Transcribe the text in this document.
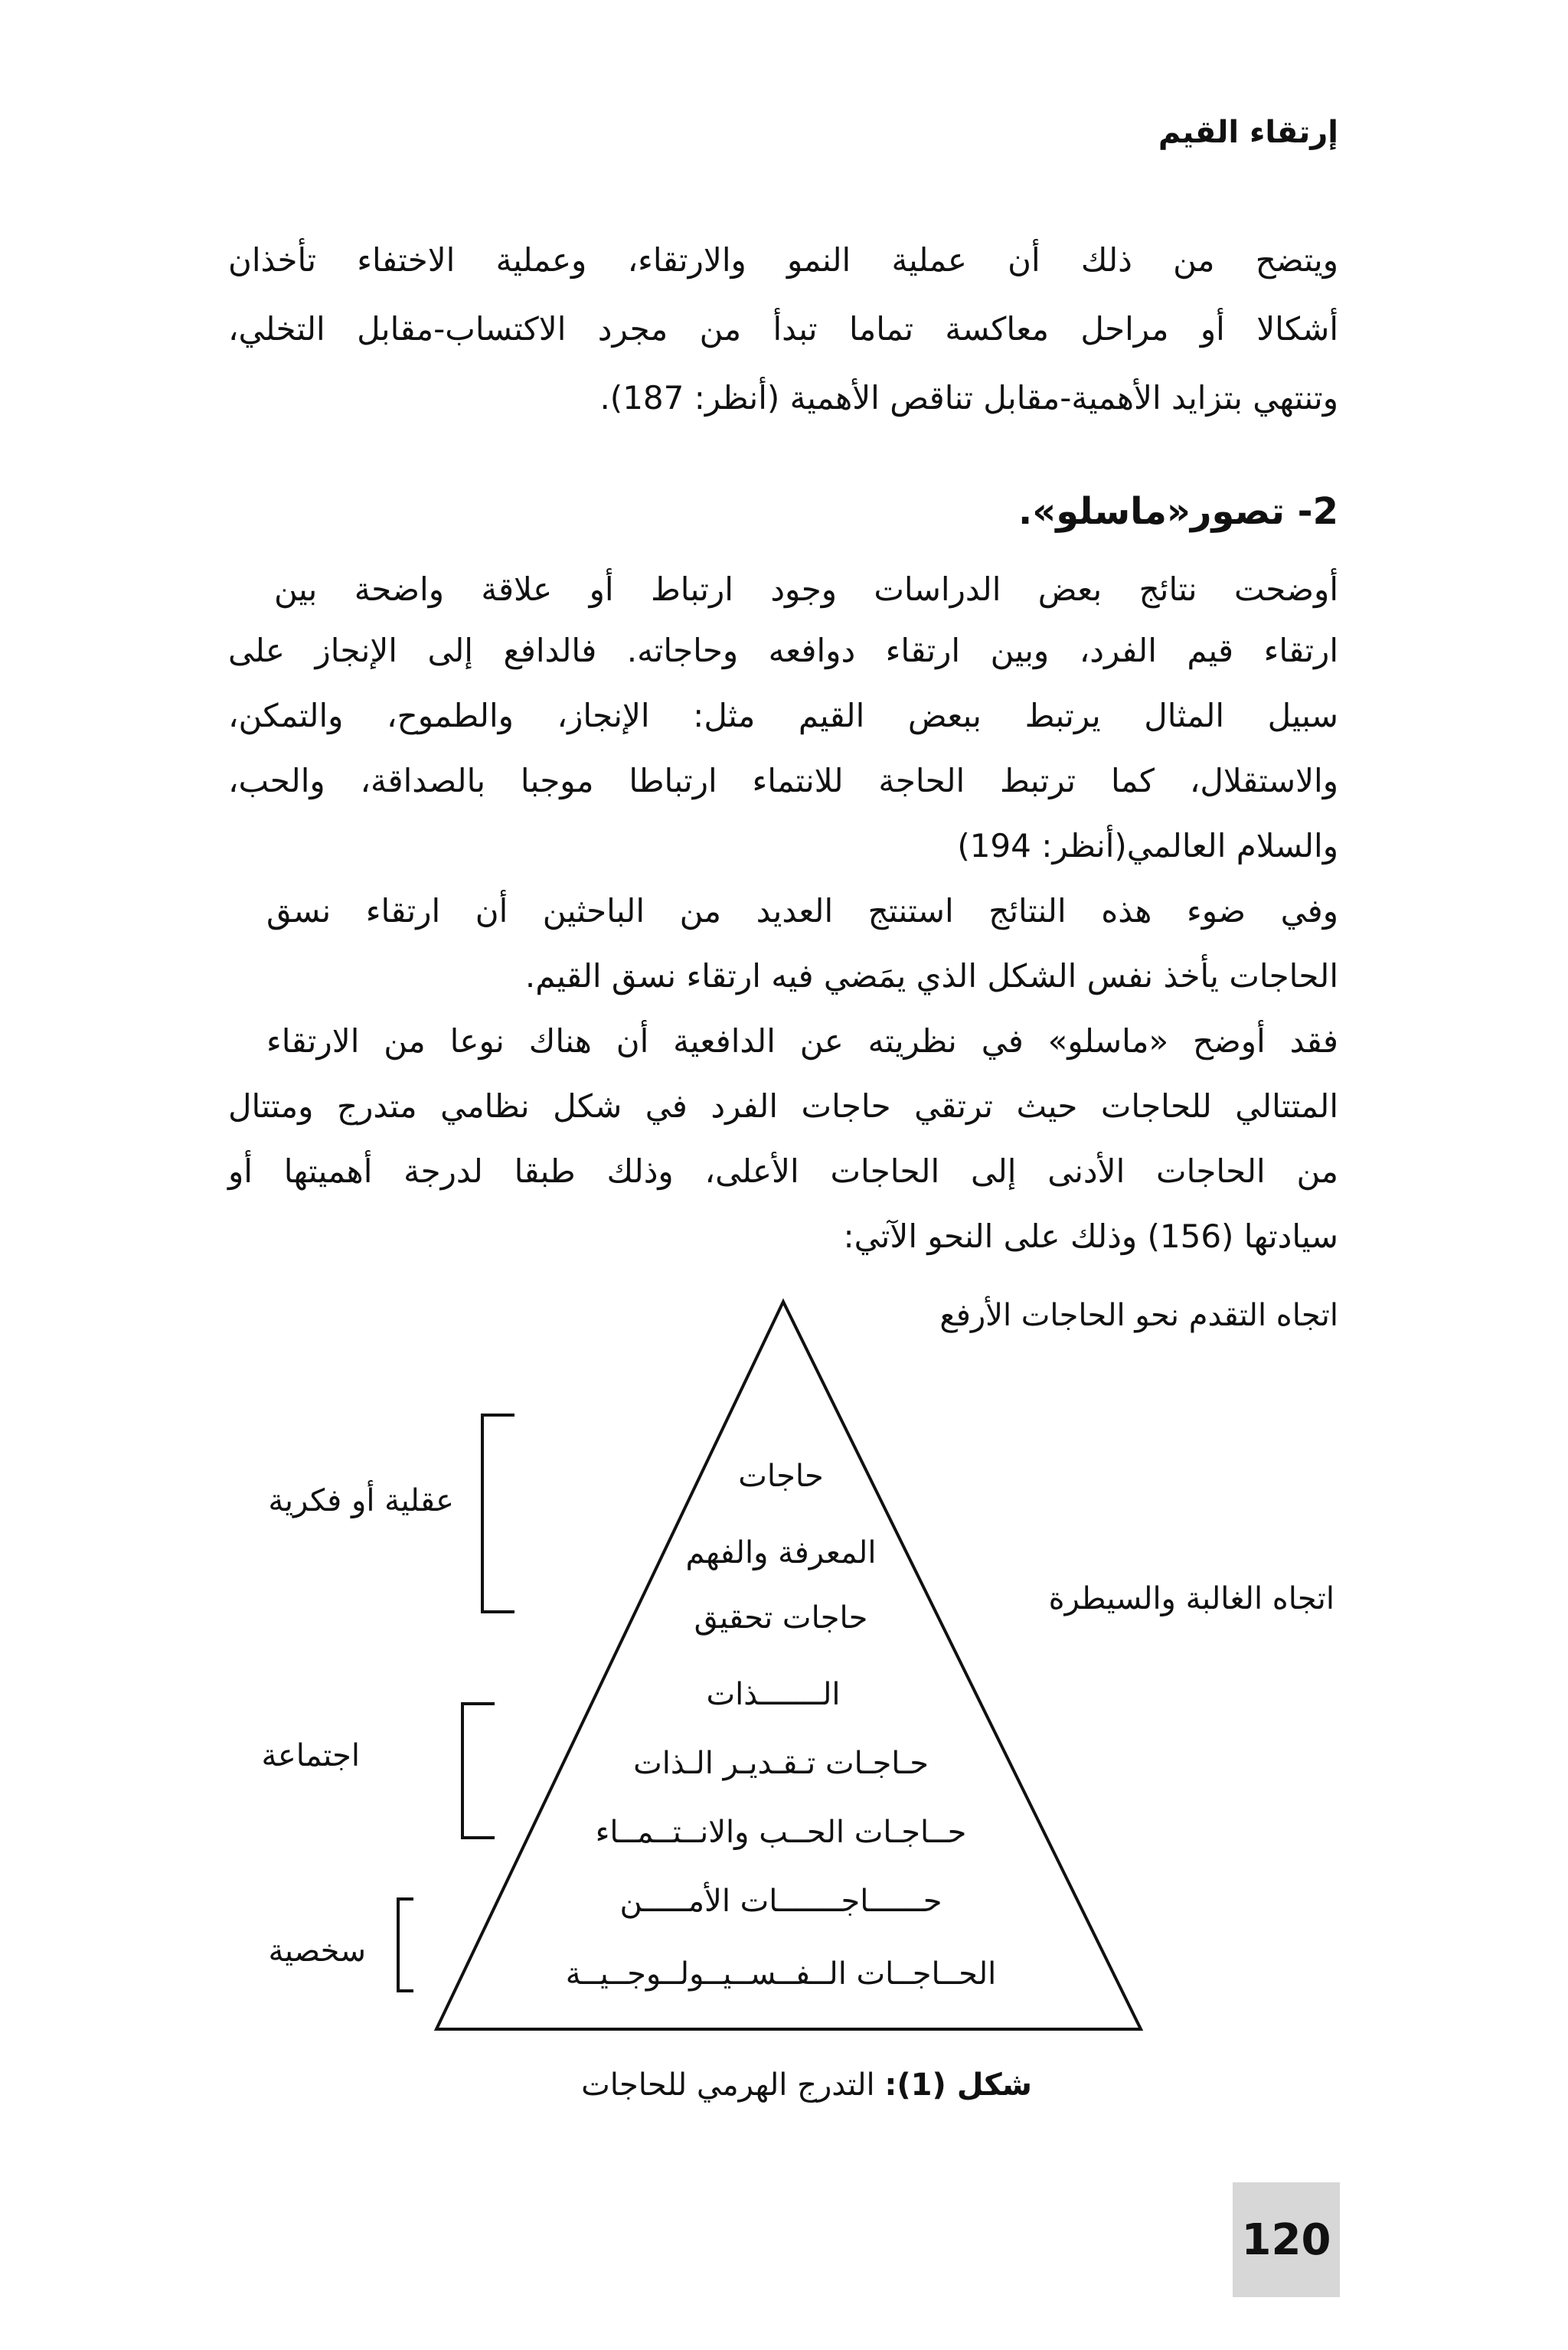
إرتقاء القيم
ويتضح من ذلك أن عملية النمو والارتقاء، وعملية الاختفاء تأخذان
أشكالا أو مراحل معاكسة تماما تبدأ من مجرد الاكتساب-مقابل التخلي،
وتنتهي بتزايد الأهمية-مقابل تناقص الأهمية (أنظر: 187).
2- تصور«ماسلو».
أوضحت نتائج بعض الدراسات وجود ارتباط أو علاقة واضحة بين
ارتقاء قيم الفرد، وبين ارتقاء دوافعه وحاجاته. فالدافع إلى الإنجاز على
سبيل المثال يرتبط ببعض القيم مثل: الإنجاز، والطموح، والتمكن،
والاستقلال، كما ترتبط الحاجة للانتماء ارتباطا موجبا بالصداقة، والحب،
والسلام العالمي(أنظر: 194)
وفي ضوء هذه النتائج استنتج العديد من الباحثين أن ارتقاء نسق
الحاجات يأخذ نفس الشكل الذي يمَضي فيه ارتقاء نسق القيم.
فقد أوضح «ماسلو» في نظريته عن الدافعية أن هناك نوعا من الارتقاء
المتتالي للحاجات حيث ترتقي حاجات الفرد في شكل نظامي متدرج ومتتال
من الحاجات الأدنى إلى الحاجات الأعلى، وذلك طبقا لدرجة أهميتها أو
سيادتها (156) وذلك على النحو الآتي:
اتجاه التقدم نحو الحاجات الأرفع
اتجاه الغالبة والسيطرة
عقلية أو فكرية
اجتماعة
سخصية
حاجات
المعرفة والفهم
حاجات تحقيق
الـــــــذات
حـاجـات تـقـديـر الـذات
حــاجـات الحــب والانــتــمــاء
حــــــاجـــــــات الأمـــــن
الحــاجــات الــفــســيــولــوجــيــة
شكل (1): التدرج الهرمي للحاجات
120
